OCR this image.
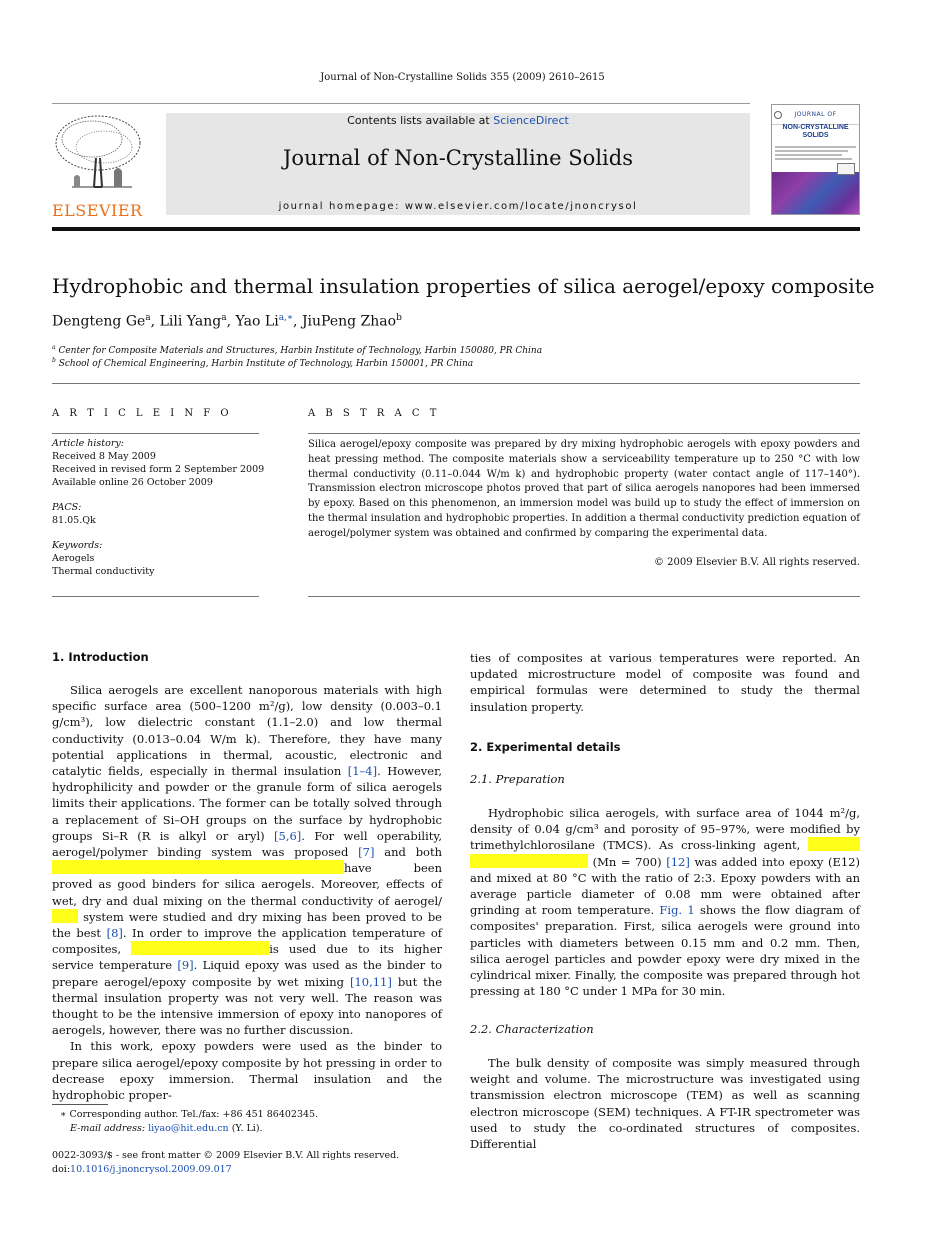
Journal of Non-Crystalline Solids 355 (2009) 2610–2615
ELSEVIER
Contents lists available at ScienceDirect
Journal of Non-Crystalline Solids
journal homepage: www.elsevier.com/locate/jnoncrysol
JOURNAL OF
NON-CRYSTALLINE SOLIDS
Hydrophobic and thermal insulation properties of silica aerogel/epoxy composite
Dengteng Ge$^a$, Lili Yang$^a$, Yao Li$^{a,∗}$, JiuPeng Zhao$^b$
$^a$ Center for Composite Materials and Structures, Harbin Institute of Technology, Harbin 150080, PR China
$^b$ School of Chemical Engineering, Harbin Institute of Technology, Harbin 150001, PR China
A R T I C L E I N F O
Article history:
Received 8 May 2009
Received in revised form 2 September 2009
Available online 26 October 2009
PACS:
81.05.Qk
Keywords:
Aerogels
Thermal conductivity
A B S T R A C T
Silica aerogel/epoxy composite was prepared by dry mixing hydrophobic aerogels with epoxy powders and heat pressing method. The composite materials show a serviceability temperature up to 250 °C with low thermal conductivity (0.11–0.044 W/m k) and hydrophobic property (water contact angle of 117–140°). Transmission electron microscope photos proved that part of silica aerogels nanopores had been immersed by epoxy. Based on this phenomenon, an immersion model was build up to study the effect of immersion on the thermal insulation and hydrophobic properties. In addition a thermal conductivity prediction equation of aerogel/polymer system was obtained and confirmed by comparing the experimental data.
© 2009 Elsevier B.V. All rights reserved.
1. Introduction

Silica aerogels are excellent nanoporous materials with high specific surface area (500–1200 m²/g), low density (0.003–0.1 g/cm³), low dielectric constant (1.1–2.0) and low thermal conductivity (0.013–0.04 W/m k). Therefore, they have many potential applications in thermal, acoustic, electronic and catalytic fields, especially in thermal insulation [1–4]. However, hydrophilicity and powder or the granule form of silica aerogels limits their applications. The former can be totally solved through a replacement of Si–OH groups on the surface by hydrophobic groups Si–R (R is alkyl or aryl) [5,6]. For well operability, aerogel/polymer binding system was proposed [7] and bothhave been proved as good binders for silica aerogels. Moreover, effects of wet, dry and dual mixing on the thermal conductivity of aerogel/ system were studied and dry mixing has been proved to be the best [8]. In order to improve the application temperature of composites,	is used due to its higher service temperature [9]. Liquid epoxy was used as the binder to prepare aerogel/epoxy composite by wet mixing [10,11] but the thermal insulation property was not very well. The reason was thought to be the intensive immersion of epoxy into nanopores of aerogels, however, there was no further discussion.

In this work, epoxy powders were used as the binder to prepare silica aerogel/epoxy composite by hot pressing in order to decrease epoxy immersion. Thermal insulation and the hydrophobic proper-

∗ Corresponding author. Tel./fax: +86 451 86402345.
E-mail address: liyao@hit.edu.cn (Y. Li).
0022-3093/$ - see front matter © 2009 Elsevier B.V. All rights reserved.
doi:10.1016/j.jnoncrysol.2009.09.017

ties of composites at various temperatures were reported. An updated microstructure model of composite was found and empirical formulas were determined to study the thermal insulation property.

2. Experimental details
2.1. Preparation

Hydrophobic silica aerogels, with surface area of 1044 m²/g, density of 0.04 g/cm³ and porosity of 95–97%, were modified by trimethylchlorosilane (TMCS). As cross-linking agent,   (Mn = 700) [12] was added into epoxy (E12) and mixed at 80 °C with the ratio of 2:3. Epoxy powders with an average particle diameter of 0.08 mm were obtained after grinding at room temperature. Fig. 1 shows the flow diagram of composites' preparation. First, silica aerogels were ground into particles with diameters between 0.15 mm and 0.2 mm. Then, silica aerogel particles and powder epoxy were dry mixed in the cylindrical mixer. Finally, the composite was prepared through hot pressing at 180 °C under 1 MPa for 30 min.

2.2. Characterization

The bulk density of composite was simply measured through weight and volume. The microstructure was investigated using transmission electron microscope (TEM) as well as scanning electron microscope (SEM) techniques. A FT-IR spectrometer was used to study the co-ordinated structures of composites. Differential
